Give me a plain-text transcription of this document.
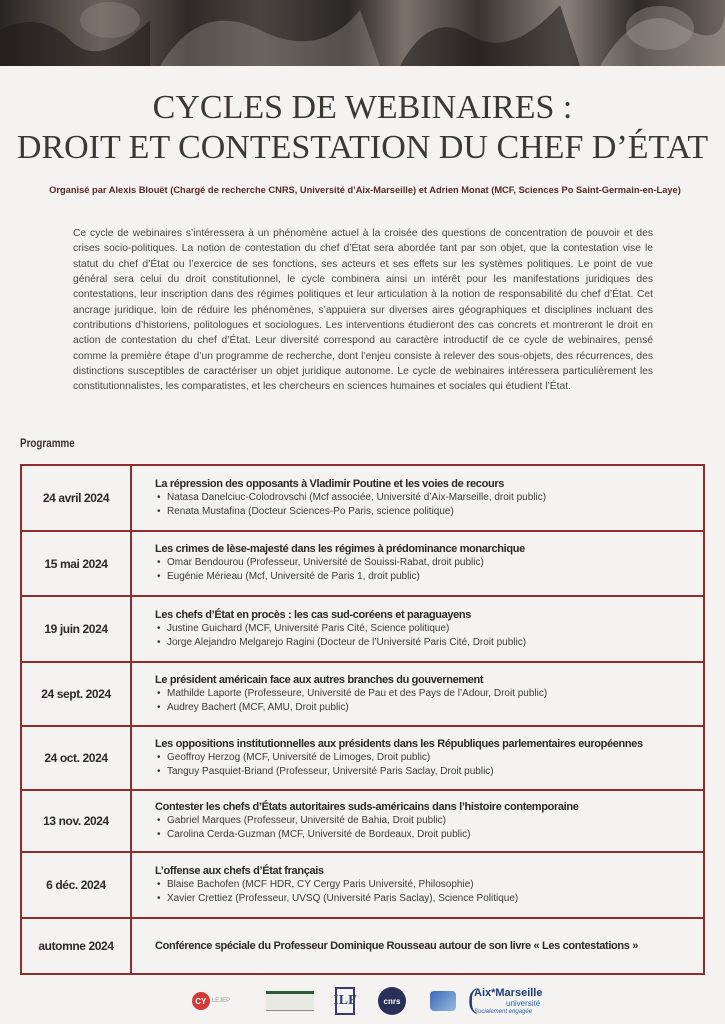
CYCLES DE WEBINAIRES :
DROIT ET CONTESTATION DU CHEF D’ÉTAT
Organisé par Alexis Blouët (Chargé de recherche CNRS, Université d’Aix-Marseille) et Adrien Monat (MCF, Sciences Po Saint-Germain-en-Laye)

Ce cycle de webinaires s’intéressera à un phénomène actuel à la croisée des questions de concentration de pouvoir et des crises socio-politiques. La notion de contestation du chef d’État sera abordée tant par son objet, que la contestation vise le statut du chef d’État ou l’exercice de ses fonctions, ses acteurs et ses effets sur les systèmes politiques. Le point de vue général sera celui du droit constitutionnel, le cycle combinera ainsi un intérêt pour les manifestations juridiques des contestations, leur inscription dans des régimes politiques et leur articulation à la notion de responsabilité du chef d’État. Cet ancrage juridique, loin de réduire les phénomènes, s’appuiera sur diverses aires géographiques et disciplines incluant des contributions d’historiens, politologues et sociologues. Les interventions étudieront des cas concrets et montreront le droit en action de contestation du chef d’État. Leur diversité correspond au caractère introductif de ce cycle de webinaires, pensé comme la première étape d’un programme de recherche, dont l’enjeu consiste à relever des sous-objets, des récurrences, des distinctions susceptibles de caractériser un objet juridique autonome. Le cycle de webinaires intéressera particulièrement les constitutionnalistes, les comparatistes, et les chercheurs en sciences humaines et sociales qui étudient l’État.

Programme
24 avril 2024
La répression des opposants à Vladimir Poutine et les voies de recours
• Natasa Danelciuc-Colodrovschi (Mcf associée, Université d’Aix-Marseille, droit public)
• Renata Mustafina (Docteur Sciences-Po Paris, science politique)
15 mai 2024
Les crimes de lèse-majesté dans les régimes à prédominance monarchique
• Omar Bendourou (Professeur, Université de Souissi-Rabat, droit public)
• Eugénie Mérieau (Mcf, Université de Paris 1, droit public)
19 juin 2024
Les chefs d’État en procès : les cas sud-coréens et paraguayens
• Justine Guichard (MCF, Université Paris Cité, Science politique)
• Jorge Alejandro Melgarejo Ragini (Docteur de l’Université Paris Cité, Droit public)
24 sept. 2024
Le président américain face aux autres branches du gouvernement
• Mathilde Laporte (Professeure, Université de Pau et des Pays de l’Adour, Droit public)
• Audrey Bachert (MCF, AMU, Droit public)
24 oct. 2024
Les oppositions institutionnelles aux présidents dans les Républiques parlementaires européennes
• Geoffroy Herzog (MCF, Université de Limoges, Droit public)
• Tanguy Pasquiet-Briand (Professeur, Université Paris Saclay, Droit public)
13 nov. 2024
Contester les chefs d’États autoritaires suds-américains dans l’histoire contemporaine
• Gabriel Marques (Professeur, Université de Bahia, Droit public)
• Carolina Cerda-Guzman (MCF, Université de Bordeaux, Droit public)
6 déc. 2024
L’offense aux chefs d’État français
• Blaise Bachofen (MCF HDR, CY Cergy Paris Université, Philosophie)
• Xavier Crettiez (Professeur, UVSQ (Université Paris Saclay), Science Politique)
automne 2024	Conférence spéciale du Professeur Dominique Rousseau autour de son livre « Les contestations »
CY LEJEP	ILF	cnrs (
Aix*Marseille
université
Socialement engagée
